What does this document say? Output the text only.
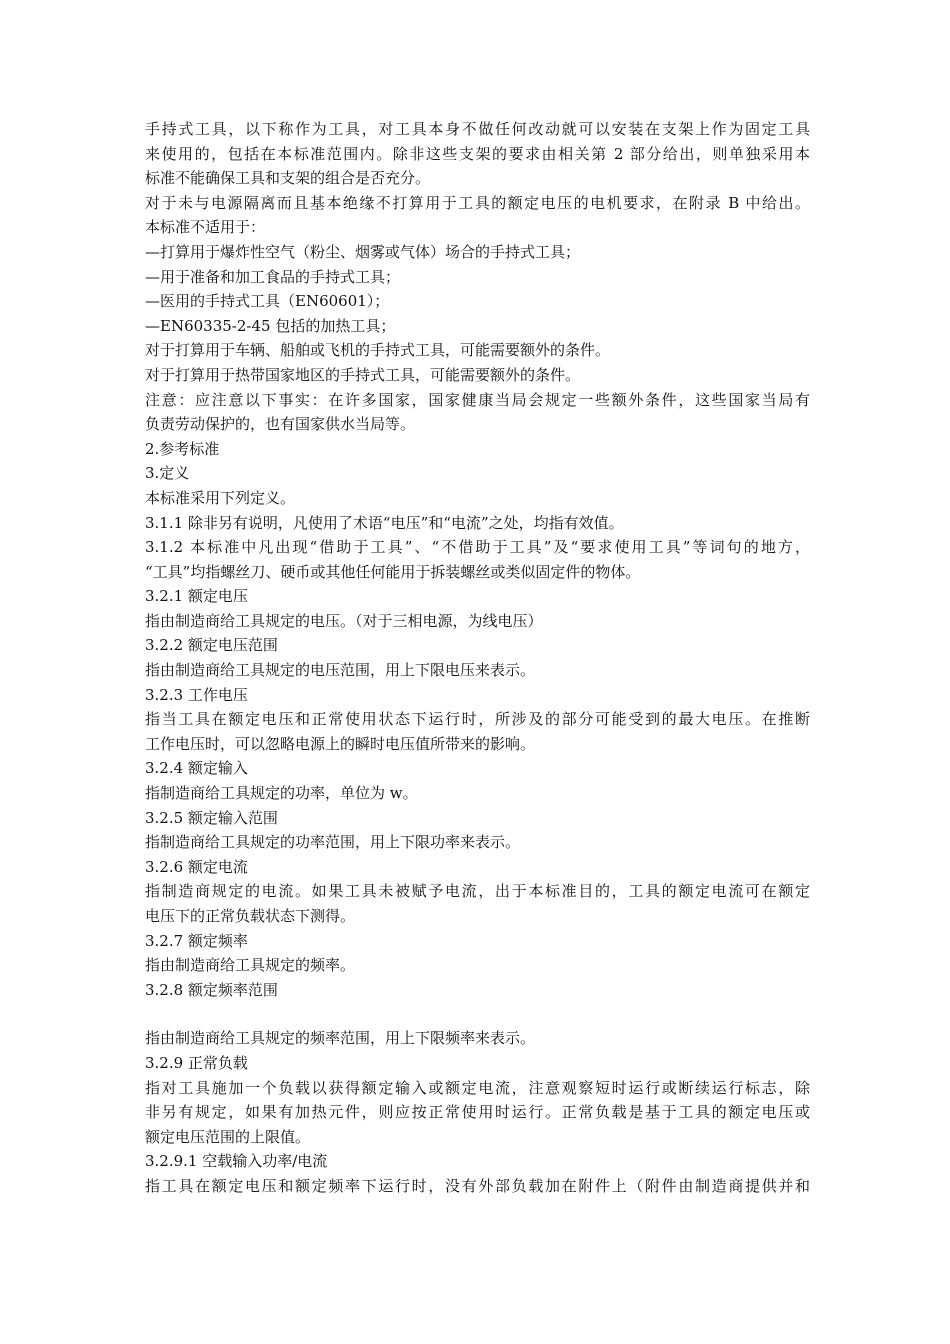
手持式工具，以下称作为工具，对工具本身不做任何改动就可以安装在支架上作为固定工具
来使用的，包括在本标准范围内。除非这些支架的要求由相关第 2 部分给出，则单独采用本
标准不能确保工具和支架的组合是否充分。
对于未与电源隔离而且基本绝缘不打算用于工具的额定电压的电机要求，在附录 B 中给出。
本标准不适用于：
—打算用于爆炸性空气（粉尘、烟雾或气体）场合的手持式工具；
—用于准备和加工食品的手持式工具；
—医用的手持式工具（EN60601）；
—EN60335-2-45 包括的加热工具；
对于打算用于车辆、船舶或飞机的手持式工具，可能需要额外的条件。
对于打算用于热带国家地区的手持式工具，可能需要额外的条件。
注意：应注意以下事实：在许多国家，国家健康当局会规定一些额外条件，这些国家当局有
负责劳动保护的，也有国家供水当局等。
2.参考标准
3.定义
本标准采用下列定义。
3.1.1 除非另有说明，凡使用了术语“电压”和“电流”之处，均指有效值。
3.1.2 本标准中凡出现“借助于工具”、“不借助于工具”及“要求使用工具”等词句的地方，
“工具”均指螺丝刀、硬币或其他任何能用于拆装螺丝或类似固定件的物体。
3.2.1 额定电压
指由制造商给工具规定的电压。（对于三相电源，为线电压）
3.2.2 额定电压范围
指由制造商给工具规定的电压范围，用上下限电压来表示。
3.2.3 工作电压
指当工具在额定电压和正常使用状态下运行时，所涉及的部分可能受到的最大电压。在推断
工作电压时，可以忽略电源上的瞬时电压值所带来的影响。
3.2.4 额定输入
指制造商给工具规定的功率，单位为 w。
3.2.5 额定输入范围
指制造商给工具规定的功率范围，用上下限功率来表示。
3.2.6 额定电流
指制造商规定的电流。如果工具未被赋予电流，出于本标准目的，工具的额定电流可在额定
电压下的正常负载状态下测得。
3.2.7 额定频率
指由制造商给工具规定的频率。
3.2.8 额定频率范围
指由制造商给工具规定的频率范围，用上下限频率来表示。
3.2.9 正常负载
指对工具施加一个负载以获得额定输入或额定电流，注意观察短时运行或断续运行标志，除
非另有规定，如果有加热元件，则应按正常使用时运行。正常负载是基于工具的额定电压或
额定电压范围的上限值。
3.2.9.1 空载输入功率/电流
指工具在额定电压和额定频率下运行时，没有外部负载加在附件上（附件由制造商提供并和
